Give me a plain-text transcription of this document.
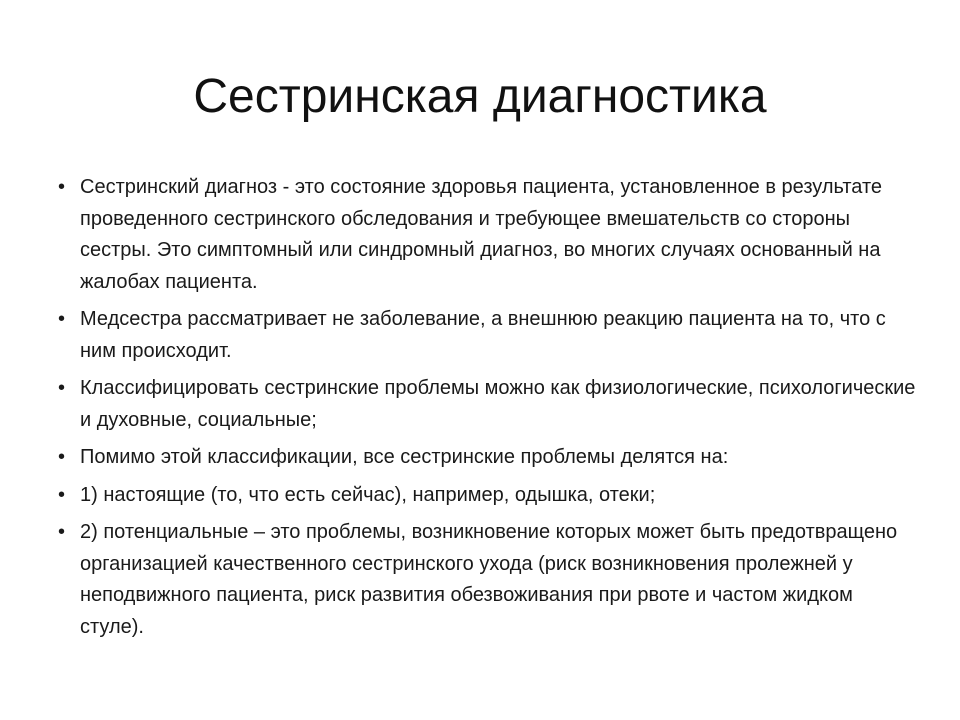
Сестринская диагностика
• Сестринский диагноз - это состояние здоровья пациента, установленное в результате проведенного сестринского обследования и требующее вмешательств со стороны сестры. Это симптомный или синдромный диагноз, во многих случаях основанный на жалобах пациента.
• Медсестра рассматривает не заболевание, а внешнюю реакцию пациента на то, что с ним происходит.
• Классифицировать сестринские проблемы можно как физиологические, психологические и духовные, социальные;
• Помимо этой классификации, все сестринские проблемы делятся на:
• 1) настоящие (то, что есть сейчас), например, одышка, отеки;
• 2) потенциальные – это проблемы, возникновение которых может быть предотвращено организацией качественного сестринского ухода (риск возникновения пролежней у неподвижного пациента, риск развития обезвоживания при рвоте и частом жидком стуле).
